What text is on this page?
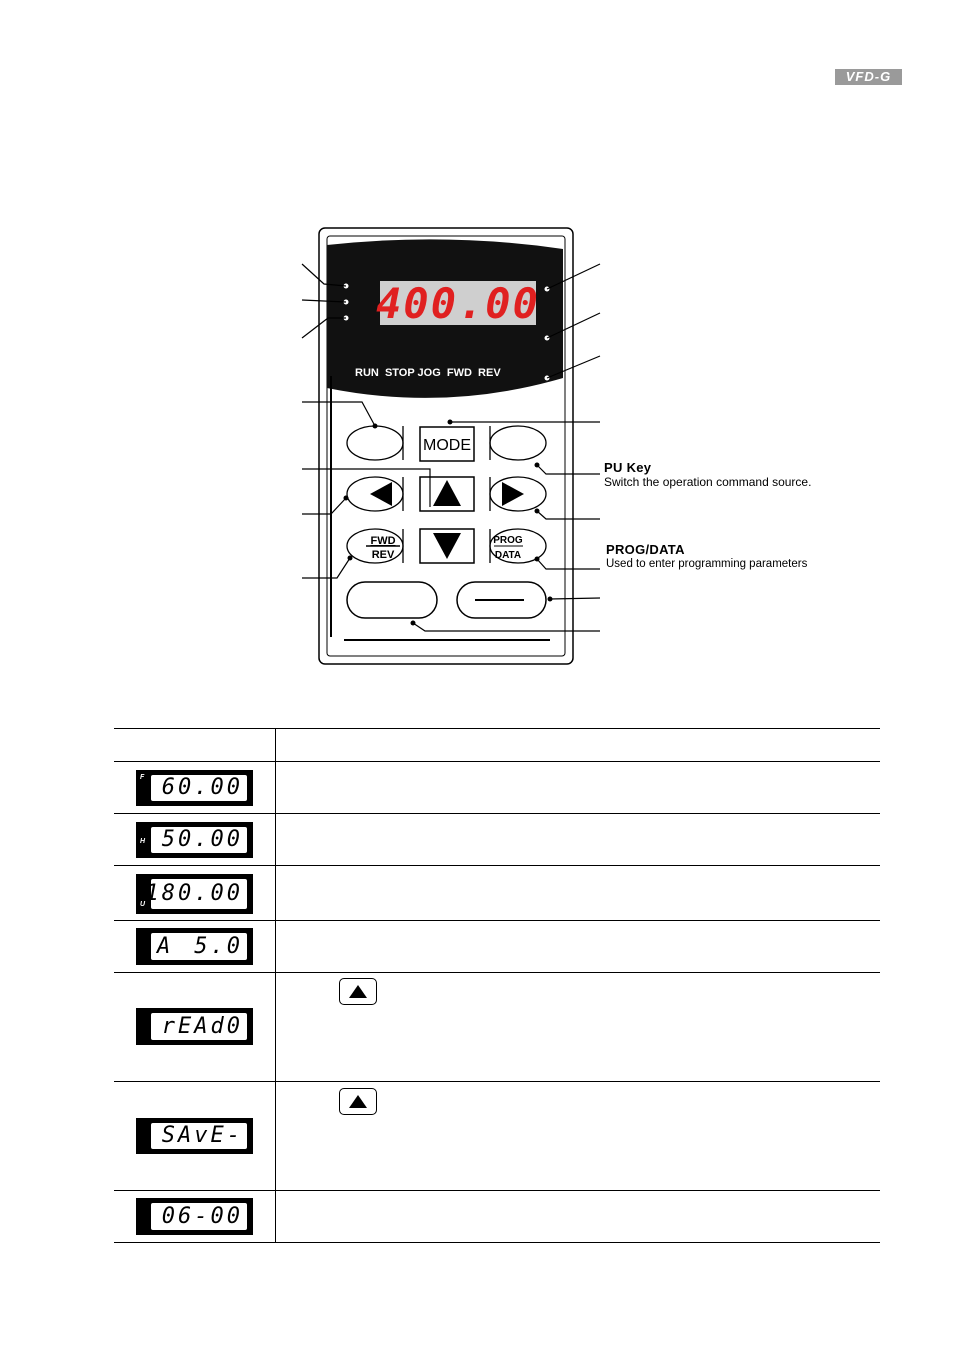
VFD-G
400.00
RUN  STOP JOG  FWD  REV
MODE
FWD
REV
PROG
DATA
PU Key
Switch the operation command source.
PROG/DATA
Used to enter programming parameters
F 60.00
H 50.00
U 180.00
A 5.0
rEAd0
SAvE-
06-00
